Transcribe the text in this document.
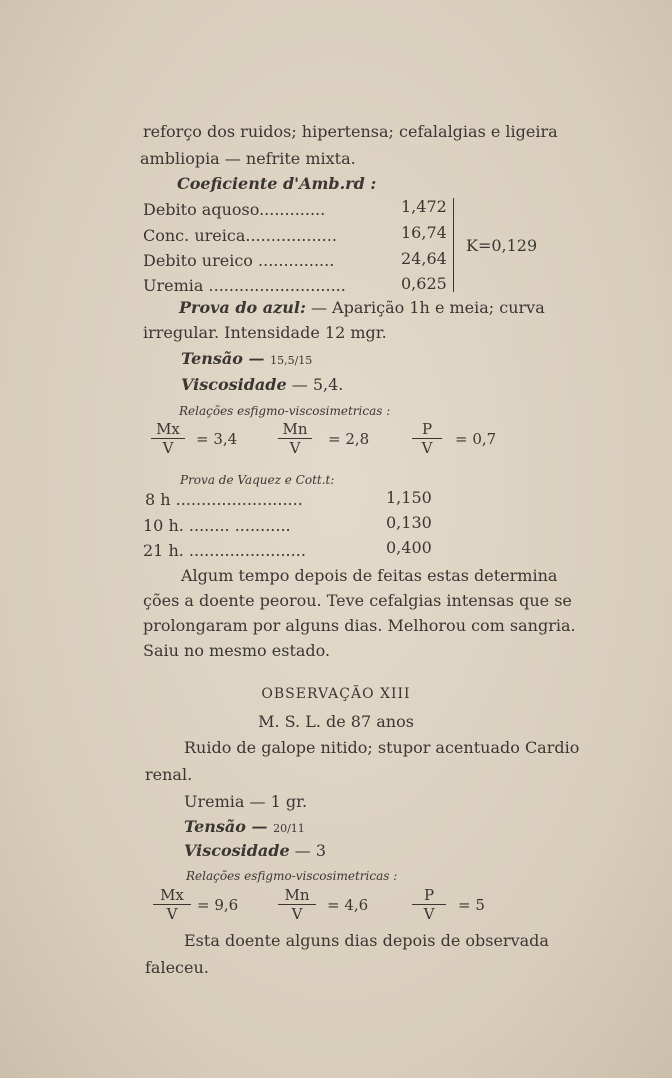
reforço dos ruidos; hipertensa; cefalalgias e ligeira
ambliopia — nefrite mixta.
Coeficiente d'Amb.rd :
Debito aquoso.............	1,472
Conc. ureica..................	16,74
Debito ureico ...............	24,64
Uremia ...........................	0,625
K=0,129
Prova do azul: — Aparição 1h e meia; curva
irregular. Intensidade 12 mgr.
Tensão — 15,5/15
Viscosidade — 5,4.
Relações esfigmo-viscosimetricas :
$\frac{Mx}{V} = 3,4$	$\frac{Mn}{V} = 2,8$	$\frac{P}{V} = 0,7$
Prova de Vaquez e Cott.t:
8 h .........................	1,150
10 h. ........ ...........	0,130
21 h. .......................	0,400
Algum tempo depois de feitas estas determina
ções a doente peorou. Teve cefalgias intensas que se
prolongaram por alguns dias. Melhorou com sangria.
Saiu no mesmo estado.
OBSERVAÇÃO XIII
M. S. L. de 87 anos
Ruido de galope nitido; stupor acentuado Cardio
renal.
Uremia — 1 gr.
Tensão — 20/11
Viscosidade — 3
Relações esfigmo-viscosimetricas :
$\frac{Mx}{V} = 9,6$	$\frac{Mn}{V} = 4,6$	$\frac{P}{V} = 5$
Esta doente alguns dias depois de observada
faleceu.
